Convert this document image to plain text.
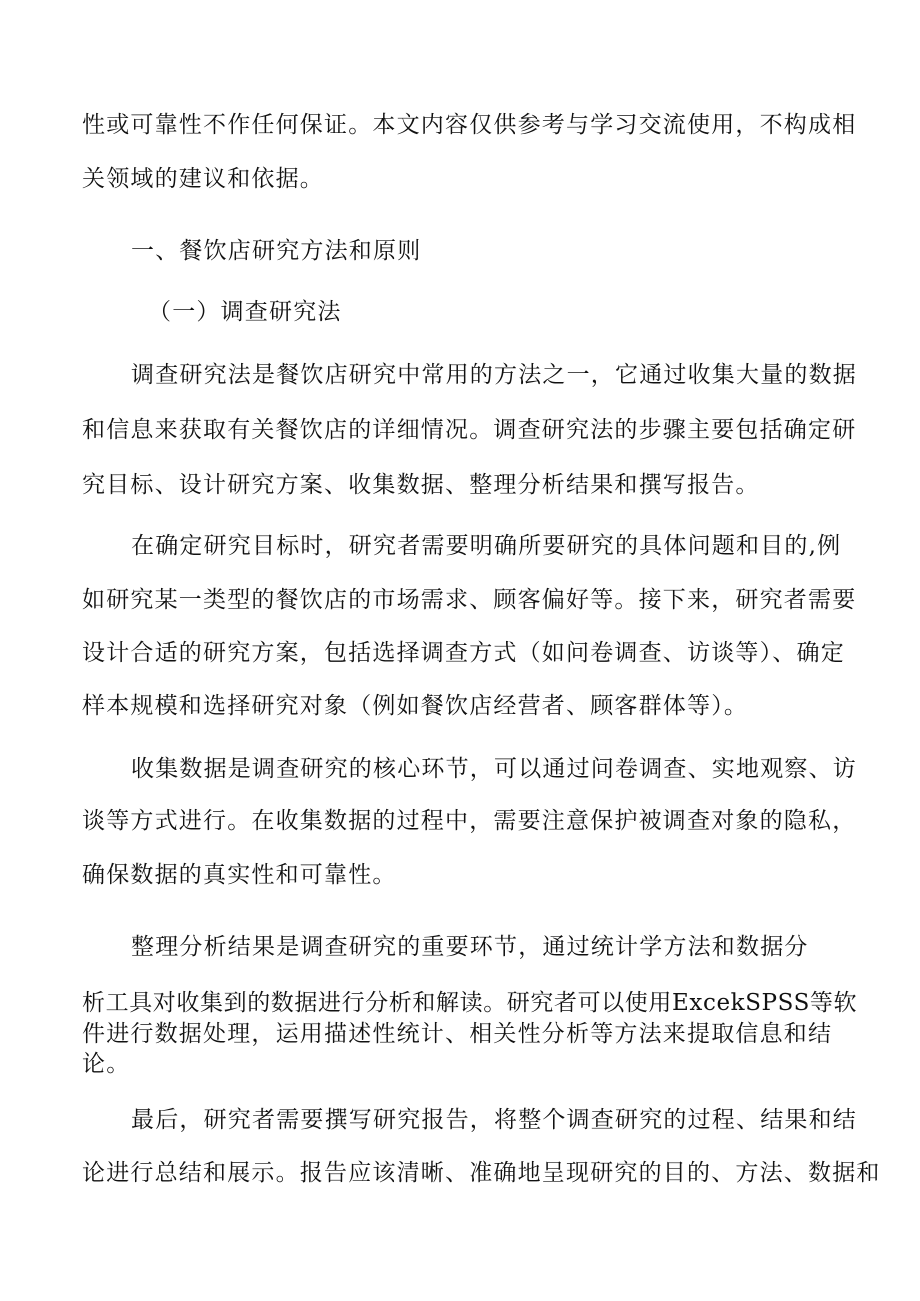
性或可靠性不作任何保证。本文内容仅供参考与学习交流使用，不构成相
关领域的建议和依据。
一、餐饮店研究方法和原则
（一）调查研究法
调查研究法是餐饮店研究中常用的方法之一，它通过收集大量的数据
和信息来获取有关餐饮店的详细情况。调查研究法的步骤主要包括确定研
究目标、设计研究方案、收集数据、整理分析结果和撰写报告。
在确定研究目标时，研究者需要明确所要研究的具体问题和目的,例
如研究某一类型的餐饮店的市场需求、顾客偏好等。接下来，研究者需要
设计合适的研究方案，包括选择调查方式（如问卷调查、访谈等）、确定
样本规模和选择研究对象（例如餐饮店经营者、顾客群体等）。
收集数据是调查研究的核心环节，可以通过问卷调查、实地观察、访
谈等方式进行。在收集数据的过程中，需要注意保护被调查对象的隐私，
确保数据的真实性和可靠性。
整理分析结果是调查研究的重要环节，通过统计学方法和数据分
析工具对收集到的数据进行分析和解读。研究者可以使用ExcekSPSS等软
件进行数据处理，运用描述性统计、相关性分析等方法来提取信息和结
论。
最后，研究者需要撰写研究报告，将整个调查研究的过程、结果和结
论进行总结和展示。报告应该清晰、准确地呈现研究的目的、方法、数据和
